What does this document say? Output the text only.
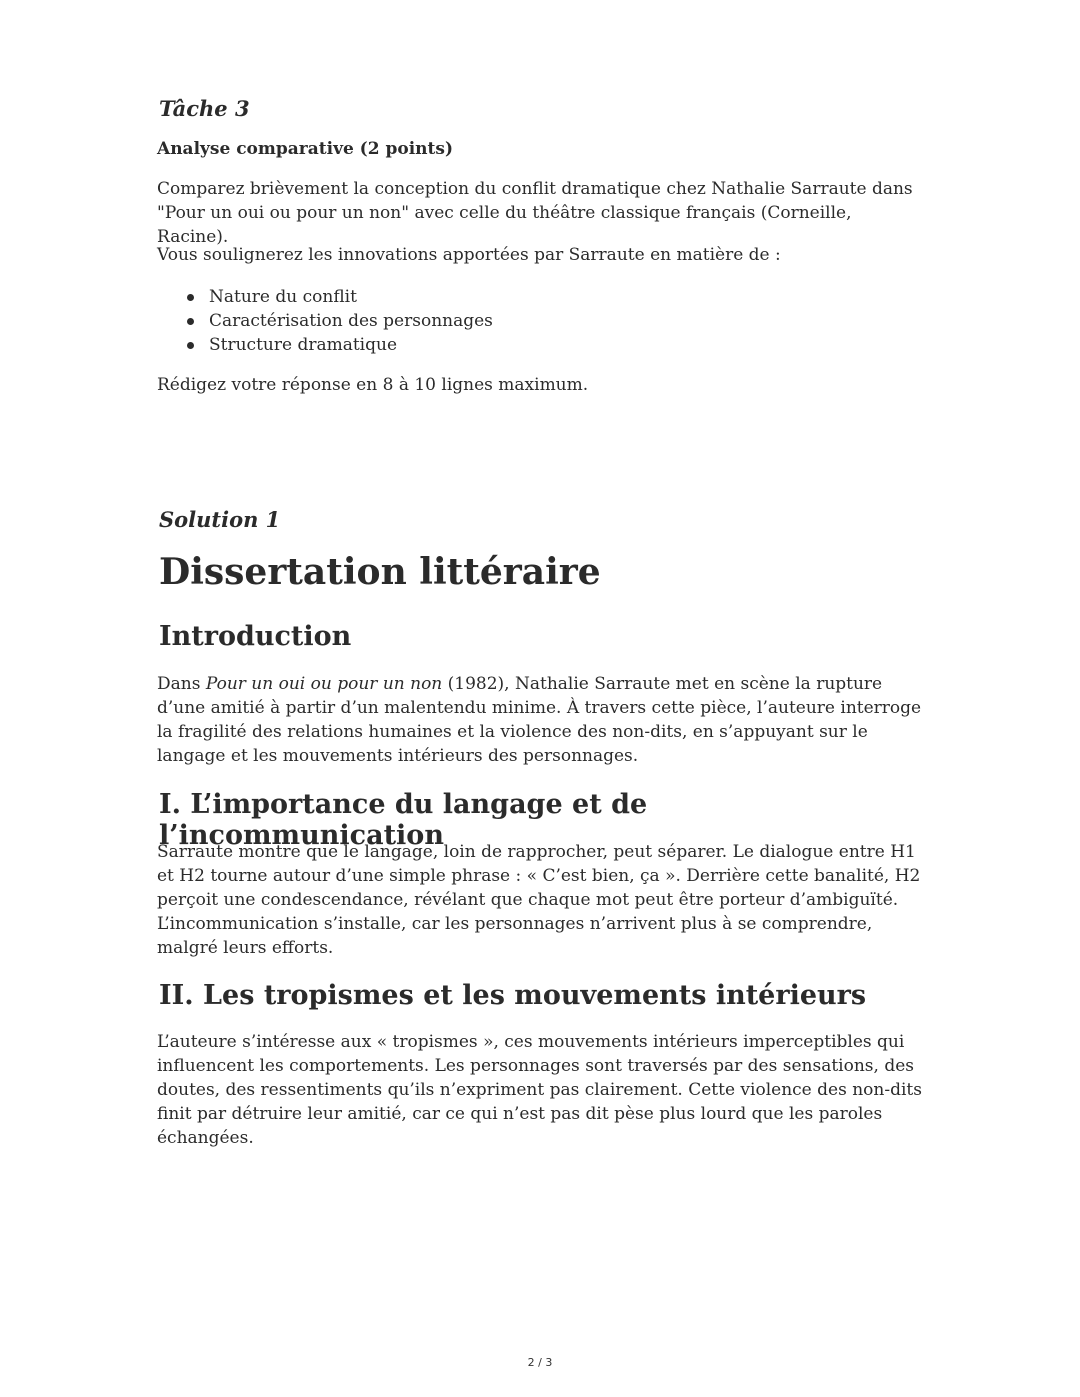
Tâche 3

Analyse comparative (2 points)

Comparez brièvement la conception du conflit dramatique chez Nathalie Sarraute dans "Pour un oui ou pour un non" avec celle du théâtre classique français (Corneille, Racine).

Vous soulignerez les innovations apportées par Sarraute en matière de :

Nature du conflit
Caractérisation des personnages
Structure dramatique

Rédigez votre réponse en 8 à 10 lignes maximum.

Solution 1
Dissertation littéraire
Introduction

Dans Pour un oui ou pour un non (1982), Nathalie Sarraute met en scène la rupture d’une amitié à partir d’un malentendu minime. À travers cette pièce, l’auteure interroge la fragilité des relations humaines et la violence des non-dits, en s’appuyant sur le langage et les mouvements intérieurs des personnages.

I. L’importance du langage et de l’incommunication

Sarraute montre que le langage, loin de rapprocher, peut séparer. Le dialogue entre H1 et H2 tourne autour d’une simple phrase : « C’est bien, ça ». Derrière cette banalité, H2 perçoit une condescendance, révélant que chaque mot peut être porteur d’ambiguïté. L’incommunication s’installe, car les personnages n’arrivent plus à se comprendre, malgré leurs efforts.

II. Les tropismes et les mouvements intérieurs

L’auteure s’intéresse aux « tropismes », ces mouvements intérieurs imperceptibles qui influencent les comportements. Les personnages sont traversés par des sensations, des doutes, des ressentiments qu’ils n’expriment pas clairement. Cette violence des non-dits finit par détruire leur amitié, car ce qui n’est pas dit pèse plus lourd que les paroles échangées.

2 / 3
